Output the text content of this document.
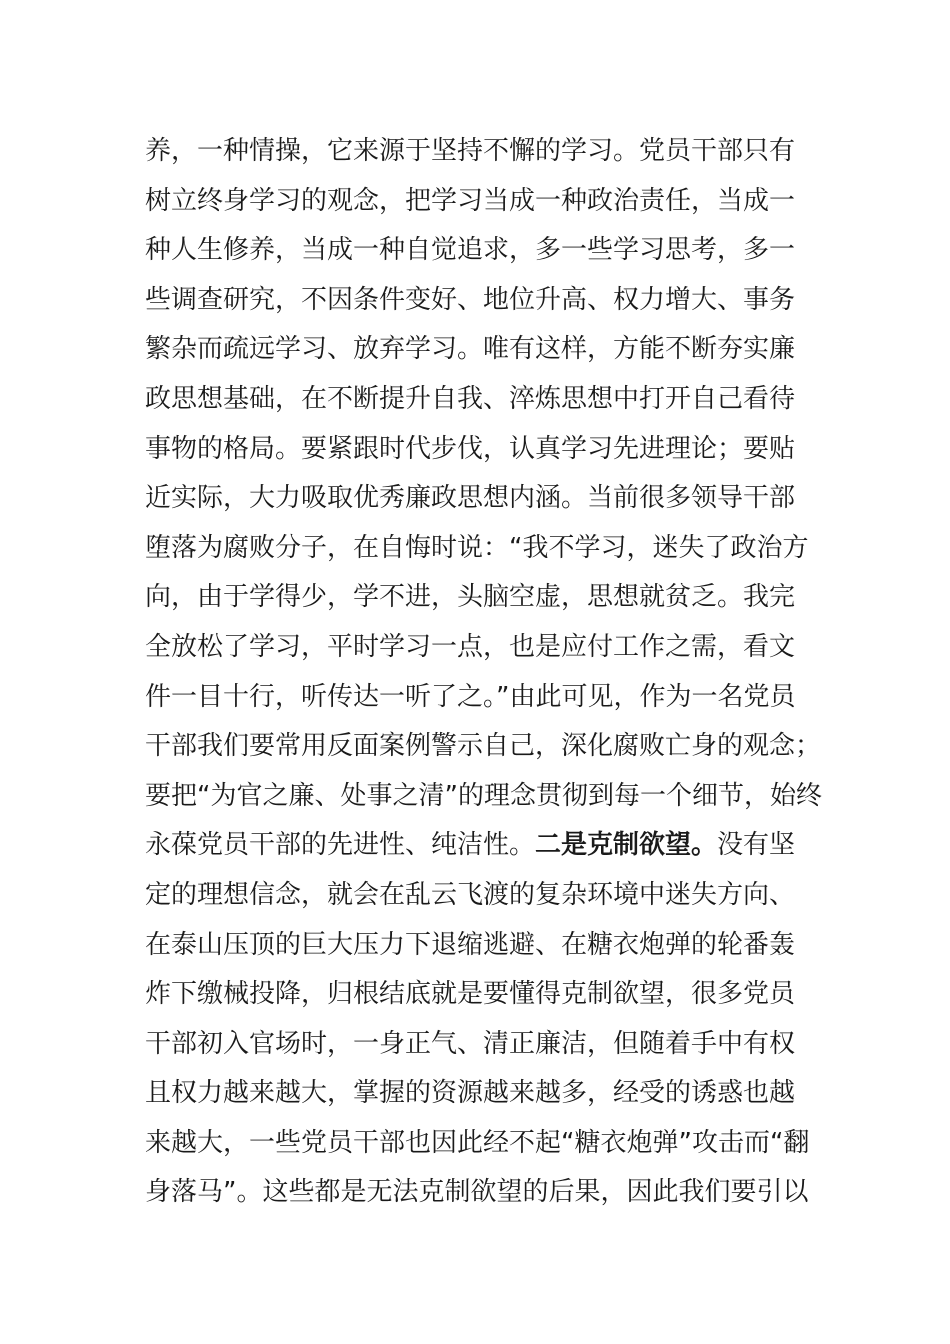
养，一种情操，它来源于坚持不懈的学习。党员干部只有
树立终身学习的观念，把学习当成一种政治责任，当成一
种人生修养，当成一种自觉追求，多一些学习思考，多一
些调查研究，不因条件变好、地位升高、权力增大、事务
繁杂而疏远学习、放弃学习。唯有这样，方能不断夯实廉
政思想基础，在不断提升自我、淬炼思想中打开自己看待
事物的格局。要紧跟时代步伐，认真学习先进理论；要贴
近实际，大力吸取优秀廉政思想内涵。当前很多领导干部
堕落为腐败分子，在自悔时说：“我不学习，迷失了政治方
向，由于学得少，学不进，头脑空虚，思想就贫乏。我完
全放松了学习，平时学习一点，也是应付工作之需，看文
件一目十行，听传达一听了之。”由此可见，作为一名党员
干部我们要常用反面案例警示自己，深化腐败亡身的观念；
要把“为官之廉、处事之清”的理念贯彻到每一个细节，始终
永葆党员干部的先进性、纯洁性。二是克制欲望。没有坚
定的理想信念，就会在乱云飞渡的复杂环境中迷失方向、
在泰山压顶的巨大压力下退缩逃避、在糖衣炮弹的轮番轰
炸下缴械投降，归根结底就是要懂得克制欲望，很多党员
干部初入官场时，一身正气、清正廉洁，但随着手中有权
且权力越来越大，掌握的资源越来越多，经受的诱惑也越
来越大，一些党员干部也因此经不起“糖衣炮弹”攻击而“翻
身落马”。这些都是无法克制欲望的后果，因此我们要引以
